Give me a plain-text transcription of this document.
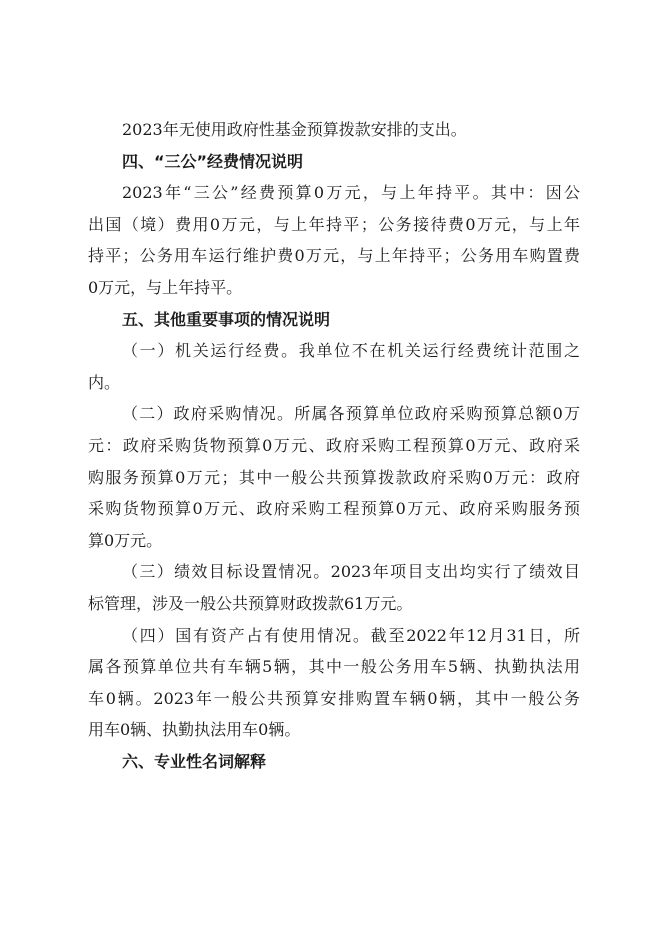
2023年无使用政府性基金预算拨款安排的支出。
四、“三公”经费情况说明
2023年“三公”经费预算0万元，与上年持平。其中：因公
出国（境）费用0万元，与上年持平；公务接待费0万元，与上年
持平；公务用车运行维护费0万元，与上年持平；公务用车购置费
0万元，与上年持平。
五、其他重要事项的情况说明
（一）机关运行经费。我单位不在机关运行经费统计范围之
内。
（二）政府采购情况。所属各预算单位政府采购预算总额0万
元：政府采购货物预算0万元、政府采购工程预算0万元、政府采
购服务预算0万元；其中一般公共预算拨款政府采购0万元：政府
采购货物预算0万元、政府采购工程预算0万元、政府采购服务预
算0万元。
（三）绩效目标设置情况。2023年项目支出均实行了绩效目
标管理，涉及一般公共预算财政拨款61万元。
（四）国有资产占有使用情况。截至2022年12月31日，所
属各预算单位共有车辆5辆，其中一般公务用车5辆、执勤执法用
车0辆。2023年一般公共预算安排购置车辆0辆，其中一般公务
用车0辆、执勤执法用车0辆。
六、专业性名词解释
